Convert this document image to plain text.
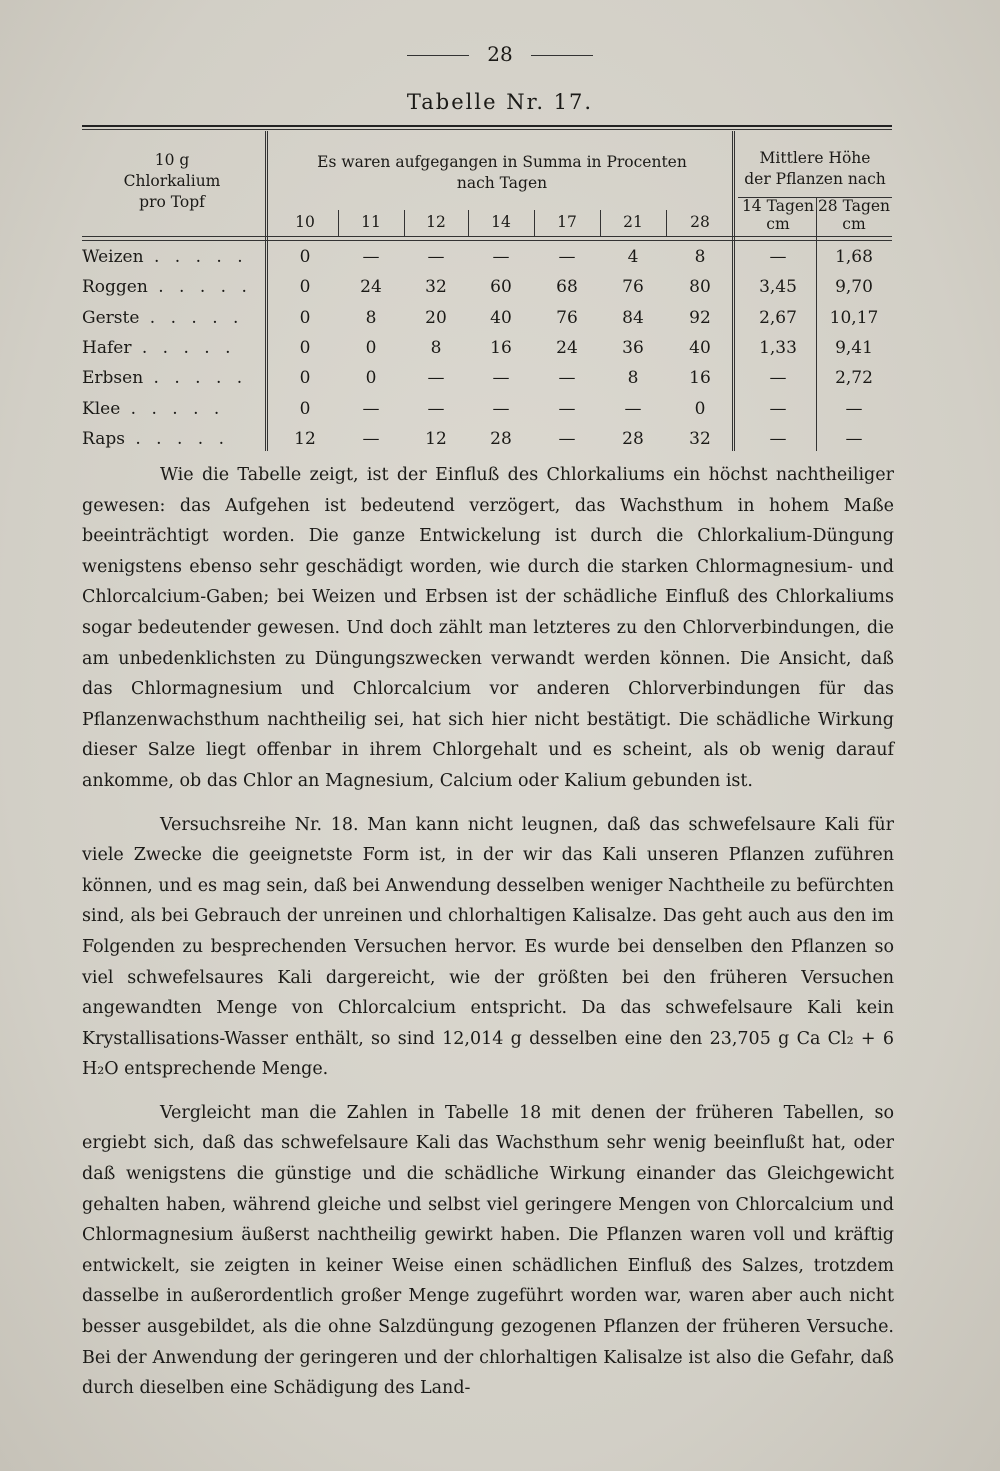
28
Tabelle Nr. 17.
10 g
Chlorkalium
pro Topf
Es waren aufgegangen in Summa in Procenten
nach Tagen
Mittlere Höhe
der Pflanzen nach
10	11	12	14	17	21	28
14 Tagen
cm
28 Tagen
cm
Weizen . . . . .	0	—	—	—	—	4	8	—	1,68
Roggen . . . . .	0	24	32	60	68	76	80	3,45	9,70
Gerste . . . . .	0	8	20	40	76	84	92	2,67	10,17
Hafer . . . . .	0	0	8	16	24	36	40	1,33	9,41
Erbsen . . . . .	0	0	—	—	—	8	16	—	2,72
Klee . . . . .	0	—	—	—	—	—	0	—	—
Raps . . . . .	12	—	12	28	—	28	32	—	—

Wie die Tabelle zeigt, ist der Einfluß des Chlorkaliums ein höchst nachtheiliger gewesen: das Aufgehen ist bedeutend verzögert, das Wachsthum in hohem Maße beeinträchtigt worden. Die ganze Entwickelung ist durch die Chlorkalium-Düngung wenigstens ebenso sehr geschädigt worden, wie durch die starken Chlormagnesium- und Chlorcalcium-Gaben; bei Weizen und Erbsen ist der schädliche Einfluß des Chlorkaliums sogar bedeutender gewesen. Und doch zählt man letzteres zu den Chlorverbindungen, die am unbedenklichsten zu Düngungszwecken verwandt werden können. Die Ansicht, daß das Chlormagnesium und Chlorcalcium vor anderen Chlorverbindungen für das Pflanzenwachsthum nachtheilig sei, hat sich hier nicht bestätigt. Die schädliche Wirkung dieser Salze liegt offenbar in ihrem Chlorgehalt und es scheint, als ob wenig darauf ankomme, ob das Chlor an Magnesium, Calcium oder Kalium gebunden ist.

Versuchsreihe Nr. 18. Man kann nicht leugnen, daß das schwefelsaure Kali für viele Zwecke die geeignetste Form ist, in der wir das Kali unseren Pflanzen zuführen können, und es mag sein, daß bei Anwendung desselben weniger Nachtheile zu befürchten sind, als bei Gebrauch der unreinen und chlorhaltigen Kalisalze. Das geht auch aus den im Folgenden zu besprechenden Versuchen hervor. Es wurde bei denselben den Pflanzen so viel schwefelsaures Kali dargereicht, wie der größten bei den früheren Versuchen angewandten Menge von Chlorcalcium entspricht. Da das schwefelsaure Kali kein Krystallisations-Wasser enthält, so sind 12,014 g desselben eine den 23,705 g Ca Cl₂ + 6 H₂O entsprechende Menge.

Vergleicht man die Zahlen in Tabelle 18 mit denen der früheren Tabellen, so ergiebt sich, daß das schwefelsaure Kali das Wachsthum sehr wenig beeinflußt hat, oder daß wenigstens die günstige und die schädliche Wirkung einander das Gleichgewicht gehalten haben, während gleiche und selbst viel geringere Mengen von Chlorcalcium und Chlormagnesium äußerst nachtheilig gewirkt haben. Die Pflanzen waren voll und kräftig entwickelt, sie zeigten in keiner Weise einen schädlichen Einfluß des Salzes, trotzdem dasselbe in außerordentlich großer Menge zugeführt worden war, waren aber auch nicht besser ausgebildet, als die ohne Salzdüngung gezogenen Pflanzen der früheren Versuche. Bei der Anwendung der geringeren und der chlorhaltigen Kalisalze ist also die Gefahr, daß durch dieselben eine Schädigung des Land-
